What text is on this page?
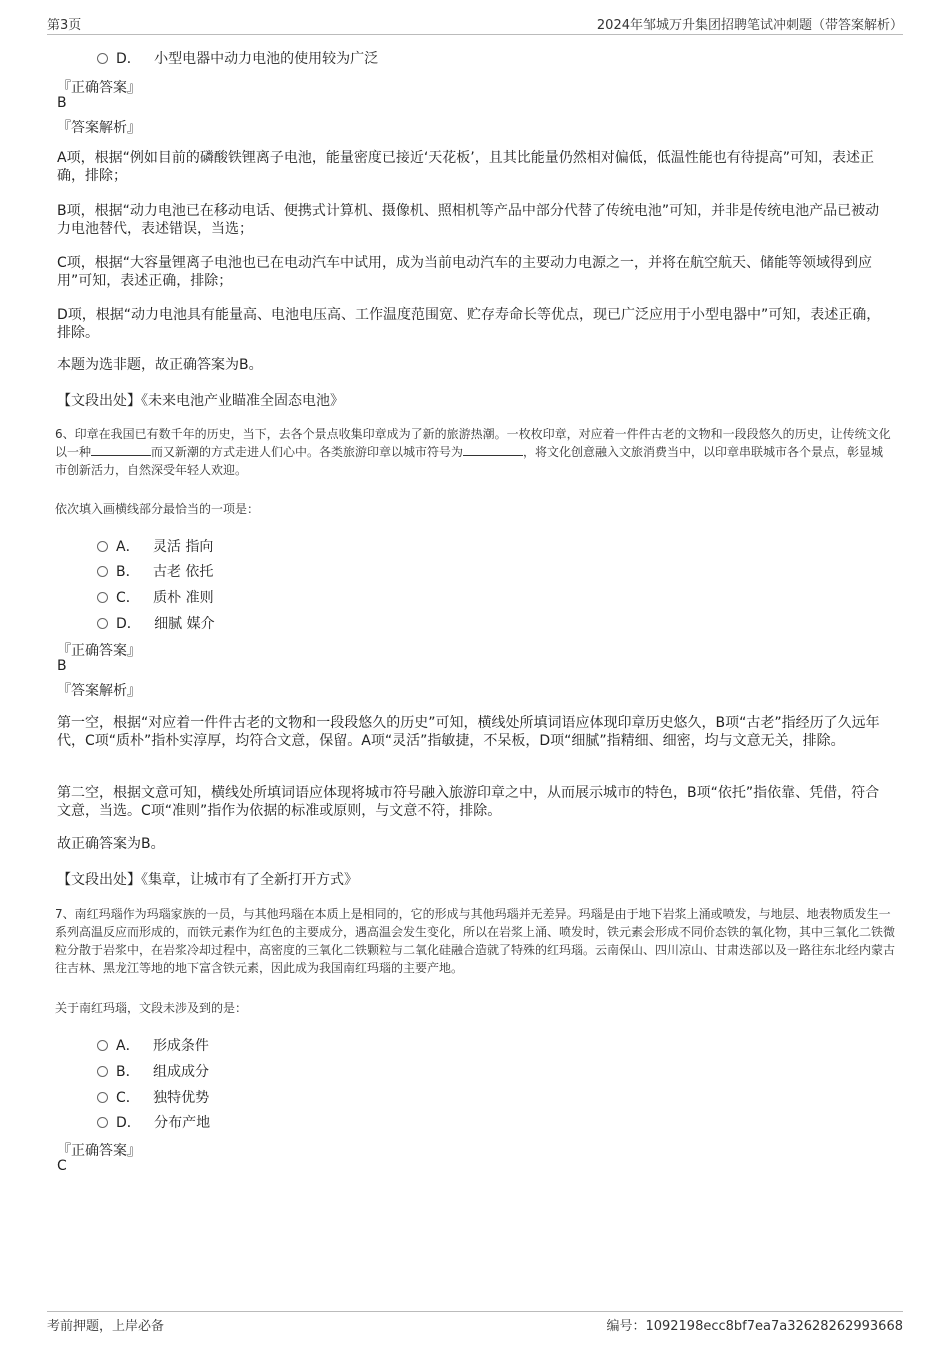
第3页	2024年邹城万升集团招聘笔试冲刺题（带答案解析）
D． 小型电器中动力电池的使用较为广泛
『正确答案』
B
『答案解析』
A项，根据“例如目前的磷酸铁锂离子电池，能量密度已接近‘天花板’，且其比能量仍然相对偏低，低温性能也有待提高”可知，表述正确，排除；
B项，根据“动力电池已在移动电话、便携式计算机、摄像机、照相机等产品中部分代替了传统电池”可知，并非是传统电池产品已被动力电池替代，表述错误，当选；
C项，根据“大容量锂离子电池也已在电动汽车中试用，成为当前电动汽车的主要动力电源之一，并将在航空航天、储能等领域得到应用”可知，表述正确，排除；
D项，根据“动力电池具有能量高、电池电压高、工作温度范围宽、贮存寿命长等优点，现已广泛应用于小型电器中”可知，表述正确，排除。
本题为选非题，故正确答案为B。
【文段出处】《未来电池产业瞄准全固态电池》
6、印章在我国已有数千年的历史，当下，去各个景点收集印章成为了新的旅游热潮。一枚枚印章，对应着一件件古老的文物和一段段悠久的历史，让传统文化以一种	而又新潮的方式走进人们心中。各类旅游印章以城市符号为	，将文化创意融入文旅消费当中，以印章串联城市各个景点，彰显城市创新活力，自然深受年轻人欢迎。
依次填入画横线部分最恰当的一项是：
A． 灵活 指向
B． 古老 依托
C． 质朴 准则
D． 细腻 媒介
『正确答案』
B
『答案解析』
第一空，根据“对应着一件件古老的文物和一段段悠久的历史”可知，横线处所填词语应体现印章历史悠久，B项“古老”指经历了久远年代，C项“质朴”指朴实淳厚，均符合文意，保留。A项“灵活”指敏捷，不呆板，D项“细腻”指精细、细密，均与文意无关，排除。
第二空，根据文意可知，横线处所填词语应体现将城市符号融入旅游印章之中，从而展示城市的特色，B项“依托”指依靠、凭借，符合文意，当选。C项“准则”指作为依据的标准或原则，与文意不符，排除。
故正确答案为B。
【文段出处】《集章，让城市有了全新打开方式》
7、南红玛瑙作为玛瑙家族的一员，与其他玛瑙在本质上是相同的，它的形成与其他玛瑙并无差异。玛瑙是由于地下岩浆上涌或喷发，与地层、地表物质发生一系列高温反应而形成的，而铁元素作为红色的主要成分，遇高温会发生变化，所以在岩浆上涌、喷发时，铁元素会形成不同价态铁的氧化物，其中三氧化二铁微粒分散于岩浆中，在岩浆冷却过程中，高密度的三氧化二铁颗粒与二氧化硅融合造就了特殊的红玛瑙。云南保山、四川凉山、甘肃迭部以及一路往东北经内蒙古往吉林、黑龙江等地的地下富含铁元素，因此成为我国南红玛瑙的主要产地。
关于南红玛瑙，文段未涉及到的是：
A． 形成条件
B． 组成成分
C． 独特优势
D． 分布产地
『正确答案』
C
考前押题，上岸必备	编号：1092198ecc8bf7ea7a32628262993668
